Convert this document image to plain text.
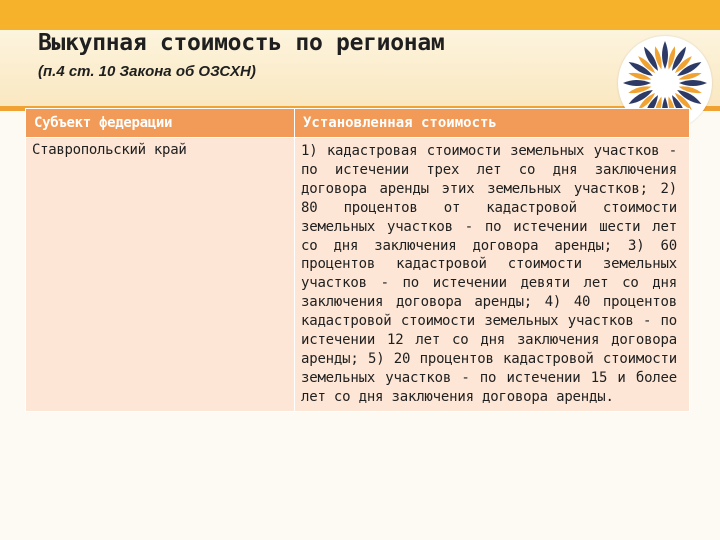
Выкупная стоимость по регионам

(п.4 ст. 10 Закона об ОЗСХН)

Субъект федерации	Установленная стоимость
Ставропольский край	1) кадастровая стоимости земельных участков - по истечении трех лет со дня заключения договора аренды этих земельных участков; 2) 80 процентов от кадастровой стоимости земельных участков - по истечении шести лет со дня заключения договора аренды; 3) 60 процентов кадастровой стоимости земельных участков - по истечении девяти лет со дня заключения договора аренды; 4) 40 процентов кадастровой стоимости земельных участков - по истечении 12 лет со дня заключения договора аренды; 5) 20 процентов кадастровой стоимости земельных участков - по истечении 15 и более лет со дня заключения договора аренды.
